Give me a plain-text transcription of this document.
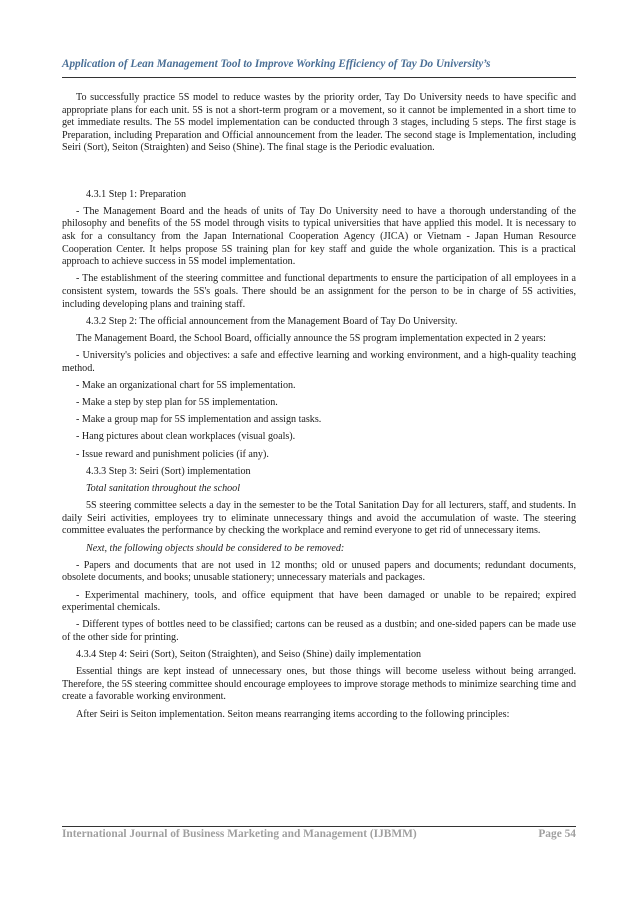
Application of Lean Management Tool to Improve Working Efficiency of Tay Do University’s

To successfully practice 5S model to reduce wastes by the priority order, Tay Do University needs to have specific and appropriate plans for each unit. 5S is not a short-term program or a movement, so it cannot be implemented in a short time to get immediate results. The 5S model implementation can be conducted through 3 stages, including 5 steps. The first stage is Preparation, including Preparation and Official announcement from the leader. The second stage is Implementation, including Seiri (Sort), Seiton (Straighten) and Seiso (Shine). The final stage is the Periodic evaluation.

4.3.1 Step 1: Preparation

- The Management Board and the heads of units of Tay Do University need to have a thorough understanding of the philosophy and benefits of the 5S model through visits to typical universities that have applied this model. It is necessary to ask for a consultancy from the Japan International Cooperation Agency (JICA) or Vietnam - Japan Human Resource Cooperation Center. It helps propose 5S training plan for key staff and guide the whole organization. This is a practical approach to achieve success in 5S model implementation.

- The establishment of the steering committee and functional departments to ensure the participation of all employees in a consistent system, towards the 5S's goals. There should be an assignment for the person to be in charge of 5S activities, including developing plans and training staff.

4.3.2 Step 2: The official announcement from the Management Board of Tay Do University.

The Management Board, the School Board, officially announce the 5S program implementation expected in 2 years:

- University's policies and objectives: a safe and effective learning and working environment, and a high-quality teaching method.

- Make an organizational chart for 5S implementation.

- Make a step by step plan for 5S implementation.

- Make a group map for 5S implementation and assign tasks.

- Hang pictures about clean workplaces (visual goals).

- Issue reward and punishment policies (if any).

4.3.3 Step 3: Seiri (Sort) implementation

Total sanitation throughout the school

5S steering committee selects a day in the semester to be the Total Sanitation Day for all lecturers, staff, and students. In daily Seiri activities, employees try to eliminate unnecessary things and avoid the accumulation of waste. The steering committee evaluates the performance by checking the workplace and remind everyone to get rid of unnecessary items.

Next, the following objects should be considered to be removed:

- Papers and documents that are not used in 12 months; old or unused papers and documents; redundant documents, obsolete documents, and books; unusable stationery; unnecessary materials and packages.

- Experimental machinery, tools, and office equipment that have been damaged or unable to be repaired; expired experimental chemicals.

- Different types of bottles need to be classified; cartons can be reused as a dustbin; and one-sided papers can be made use of the other side for printing.

4.3.4 Step 4: Seiri (Sort), Seiton (Straighten), and Seiso (Shine) daily implementation

Essential things are kept instead of unnecessary ones, but those things will become useless without being arranged. Therefore, the 5S steering committee should encourage employees to improve storage methods to minimize searching time and create a favorable working environment.

After Seiri is Seiton implementation. Seiton means rearranging items according to the following principles:

International Journal of Business Marketing and Management (IJBMM)	Page 54
